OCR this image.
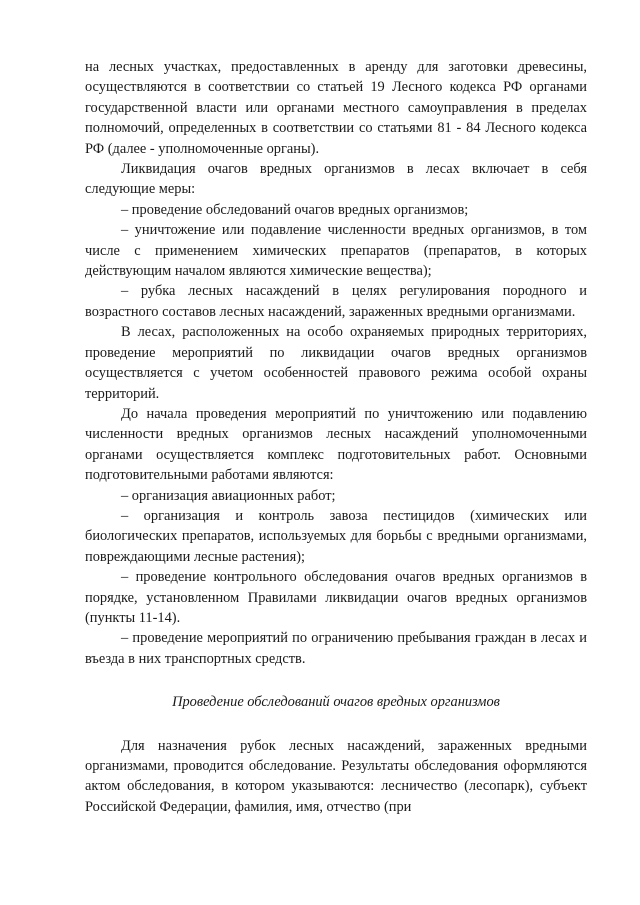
на лесных участках, предоставленных в аренду для заготовки древесины, осуществляются в соответствии со статьей 19 Лесного кодекса РФ органами государственной власти или органами местного самоуправления в пределах полномочий, определенных в соответствии со статьями 81 - 84 Лесного кодекса РФ (далее - уполномоченные органы).

Ликвидация очагов вредных организмов в лесах включает в себя следующие меры:

– проведение обследований очагов вредных организмов;

– уничтожение или подавление численности вредных организмов, в том числе с применением химических препаратов (препаратов, в которых действующим началом являются химические вещества);

– рубка лесных насаждений в целях регулирования породного и возрастного составов лесных насаждений, зараженных вредными организмами.

В лесах, расположенных на особо охраняемых природных территориях, проведение мероприятий по ликвидации очагов вредных организмов осуществляется с учетом особенностей правового режима особой охраны территорий.

До начала проведения мероприятий по уничтожению или подавлению численности вредных организмов лесных насаждений уполномоченными органами осуществляется комплекс подготовительных работ. Основными подготовительными работами являются:

– организация авиационных работ;

– организация и контроль завоза пестицидов (химических или биологических препаратов, используемых для борьбы с вредными организмами, повреждающими лесные растения);

– проведение контрольного обследования очагов вредных организмов в порядке, установленном Правилами ликвидации очагов вредных организмов (пункты 11-14).

– проведение мероприятий по ограничению пребывания граждан в лесах и въезда в них транспортных средств.

Проведение обследований очагов вредных организмов

Для назначения рубок лесных насаждений, зараженных вредными организмами, проводится обследование. Результаты обследования оформляются актом обследования, в котором указываются: лесничество (лесопарк), субъект Российской Федерации, фамилия, имя, отчество (при
